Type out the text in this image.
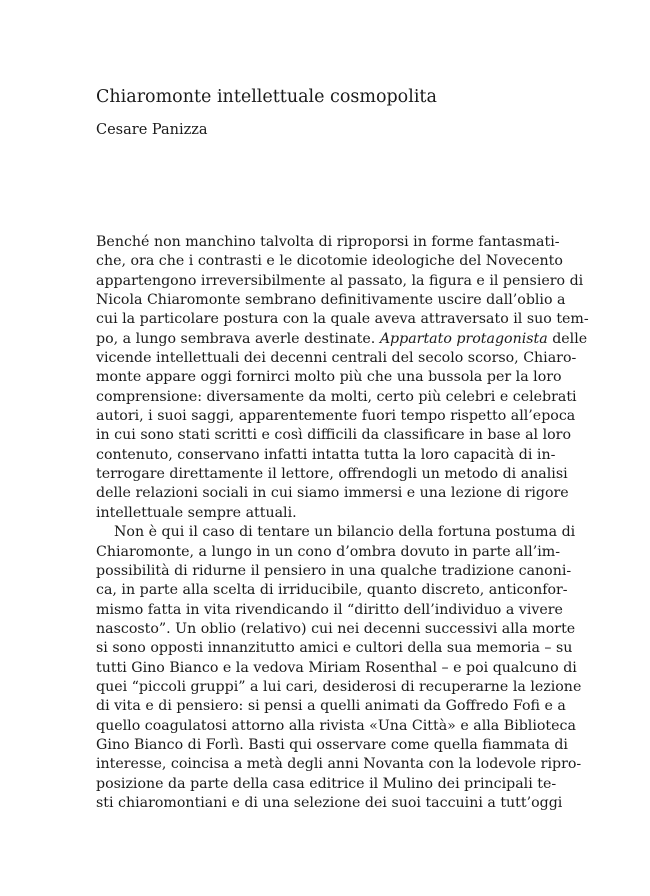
Chiaromonte intellettuale cosmopolita
Cesare Panizza
Benché non manchino talvolta di riproporsi in forme fantasmati-
che, ora che i contrasti e le dicotomie ideologiche del Novecento
appartengono irreversibilmente al passato, la figura e il pensiero di
Nicola Chiaromonte sembrano definitivamente uscire dall’oblio a
cui la particolare postura con la quale aveva attraversato il suo tem-
po, a lungo sembrava averle destinate. Appartato protagonista delle
vicende intellettuali dei decenni centrali del secolo scorso, Chiaro-
monte appare oggi fornirci molto più che una bussola per la loro
comprensione: diversamente da molti, certo più celebri e celebrati
autori, i suoi saggi, apparentemente fuori tempo rispetto all’epoca
in cui sono stati scritti e così difficili da classificare in base al loro
contenuto, conservano infatti intatta tutta la loro capacità di in-
terrogare direttamente il lettore, offrendogli un metodo di analisi
delle relazioni sociali in cui siamo immersi e una lezione di rigore
intellettuale sempre attuali.
Non è qui il caso di tentare un bilancio della fortuna postuma di
Chiaromonte, a lungo in un cono d’ombra dovuto in parte all’im-
possibilità di ridurne il pensiero in una qualche tradizione canoni-
ca, in parte alla scelta di irriducibile, quanto discreto, anticonfor-
mismo fatta in vita rivendicando il “diritto dell’individuo a vivere
nascosto”. Un oblio (relativo) cui nei decenni successivi alla morte
si sono opposti innanzitutto amici e cultori della sua memoria – su
tutti Gino Bianco e la vedova Miriam Rosenthal – e poi qualcuno di
quei “piccoli gruppi” a lui cari, desiderosi di recuperarne la lezione
di vita e di pensiero: si pensi a quelli animati da Goffredo Fofi e a
quello coagulatosi attorno alla rivista «Una Città» e alla Biblioteca
Gino Bianco di Forlì. Basti qui osservare come quella fiammata di
interesse, coincisa a metà degli anni Novanta con la lodevole ripro-
posizione da parte della casa editrice il Mulino dei principali te-
sti chiaromontiani e di una selezione dei suoi taccuini a tutt’oggi
